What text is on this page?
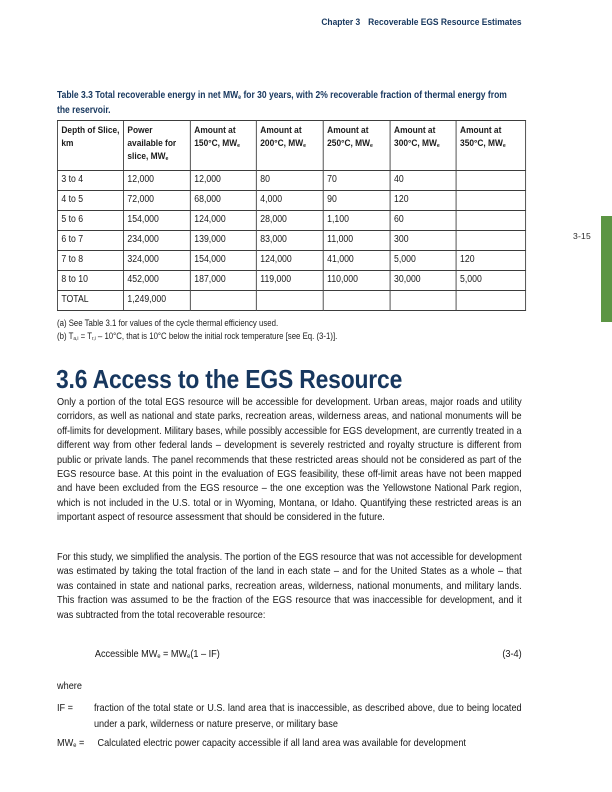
Chapter 3 Recoverable EGS Resource Estimates
3-15
Table 3.3 Total recoverable energy in net MWe for 30 years, with 2% recoverable fraction of thermal energy from the reservoir.
Depth of Slice, km	Power available for slice, MWe	Amount at 150°C, MWe	Amount at 200°C, MWe	Amount at 250°C, MWe	Amount at 300°C, MWe	Amount at 350°C, MWe
3 to 4	12,000	12,000	80	70	40	
4 to 5	72,000	68,000	4,000	90	120	
5 to 6	154,000	124,000	28,000	1,100	60	
6 to 7	234,000	139,000	83,000	11,000	300	
7 to 8	324,000	154,000	124,000	41,000	5,000	120
8 to 10	452,000	187,000	119,000	110,000	30,000	5,000
TOTAL	1,249,000					
(a) See Table 3.1 for values of the cycle thermal efficiency used.
(b) Ta,i = Tr,i – 10°C, that is 10°C below the initial rock temperature [see Eq. (3-1)].
3.6 Access to the EGS Resource

Only a portion of the total EGS resource will be accessible for development. Urban areas, major roads and utility corridors, as well as national and state parks, recreation areas, wilderness areas, and national monuments will be off-limits for development. Military bases, while possibly accessible for EGS development, are currently treated in a different way from other federal lands – development is severely restricted and royalty structure is different from public or private lands. The panel recommends that these restricted areas should not be considered as part of the EGS resource base. At this point in the evaluation of EGS feasibility, these off-limit areas have not been mapped and have been excluded from the EGS resource – the one exception was the Yellowstone National Park region, which is not included in the U.S. total or in Wyoming, Montana, or Idaho. Quantifying these restricted areas is an important aspect of resource assessment that should be considered in the future.

For this study, we simplified the analysis. The portion of the EGS resource that was not accessible for development was estimated by taking the total fraction of the land in each state – and for the United States as a whole – that was contained in state and national parks, recreation areas, wilderness, national monuments, and military lands. This fraction was assumed to be the fraction of the EGS resource that was inaccessible for development, and it was subtracted from the total recoverable resource:

Accessible MWe = MWe(1 – IF)	(3-4)
where
IF =	fraction of the total state or U.S. land area that is inaccessible, as described above, due to being located under a park, wilderness or nature preserve, or military base
MWe =	Calculated electric power capacity accessible if all land area was available for development
